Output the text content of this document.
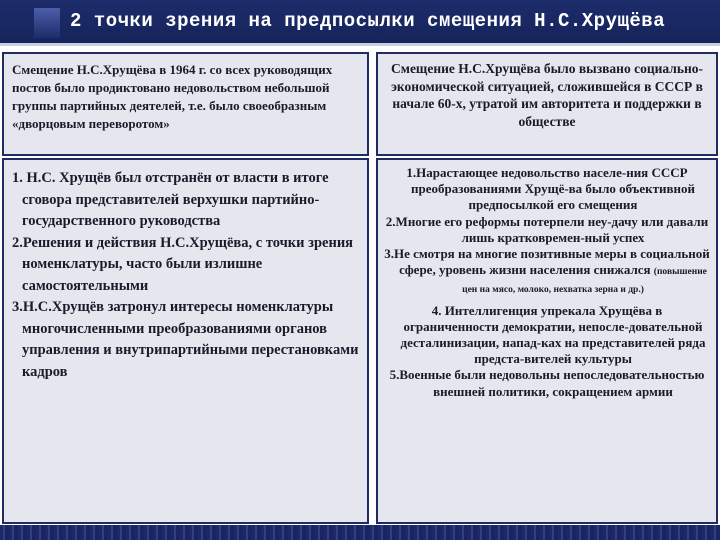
2 точки зрения на предпосылки смещения Н.С.Хрущёва
Смещение Н.С.Хрущёва в 1964 г. со всех руководящих постов было продиктовано недовольством небольшой группы партийных деятелей, т.е. было своеобразным «дворцовым переворотом»
1. Н.С. Хрущёв был отстранён от власти в итоге сговора представителей верхушки партийно-государственного руководства
2.Решения и действия Н.С.Хрущёва, с точки зрения номенклатуры, часто были излишне самостоятельными
3.Н.С.Хрущёв затронул интересы номенклатуры многочисленными преобразованиями органов управления и внутрипартийными перестановками кадров
Смещение Н.С.Хрущёва было вызвано социально-экономической ситуацией, сложившейся в СССР в начале 60-х, утратой им авторитета и поддержки в обществе
1.Нарастающее недовольство населе-ния СССР преобразованиями Хрущё-ва было объективной предпосылкой его смещения
2.Многие его реформы потерпели неу-дачу или давали лишь кратковремен-ный успех
3.Не смотря на многие позитивные меры в социальной сфере, уровень жизни населения снижался (повышение цен на мясо, молоко, нехватка зерна и др.)
4. Интеллигенция упрекала Хрущёва в ограниченности демократии, непосле-довательной десталинизации, напад-ках на представителей ряда предста-вителей культуры
5.Военные были недовольны непоследовательностью внешней политики, сокращением армии
